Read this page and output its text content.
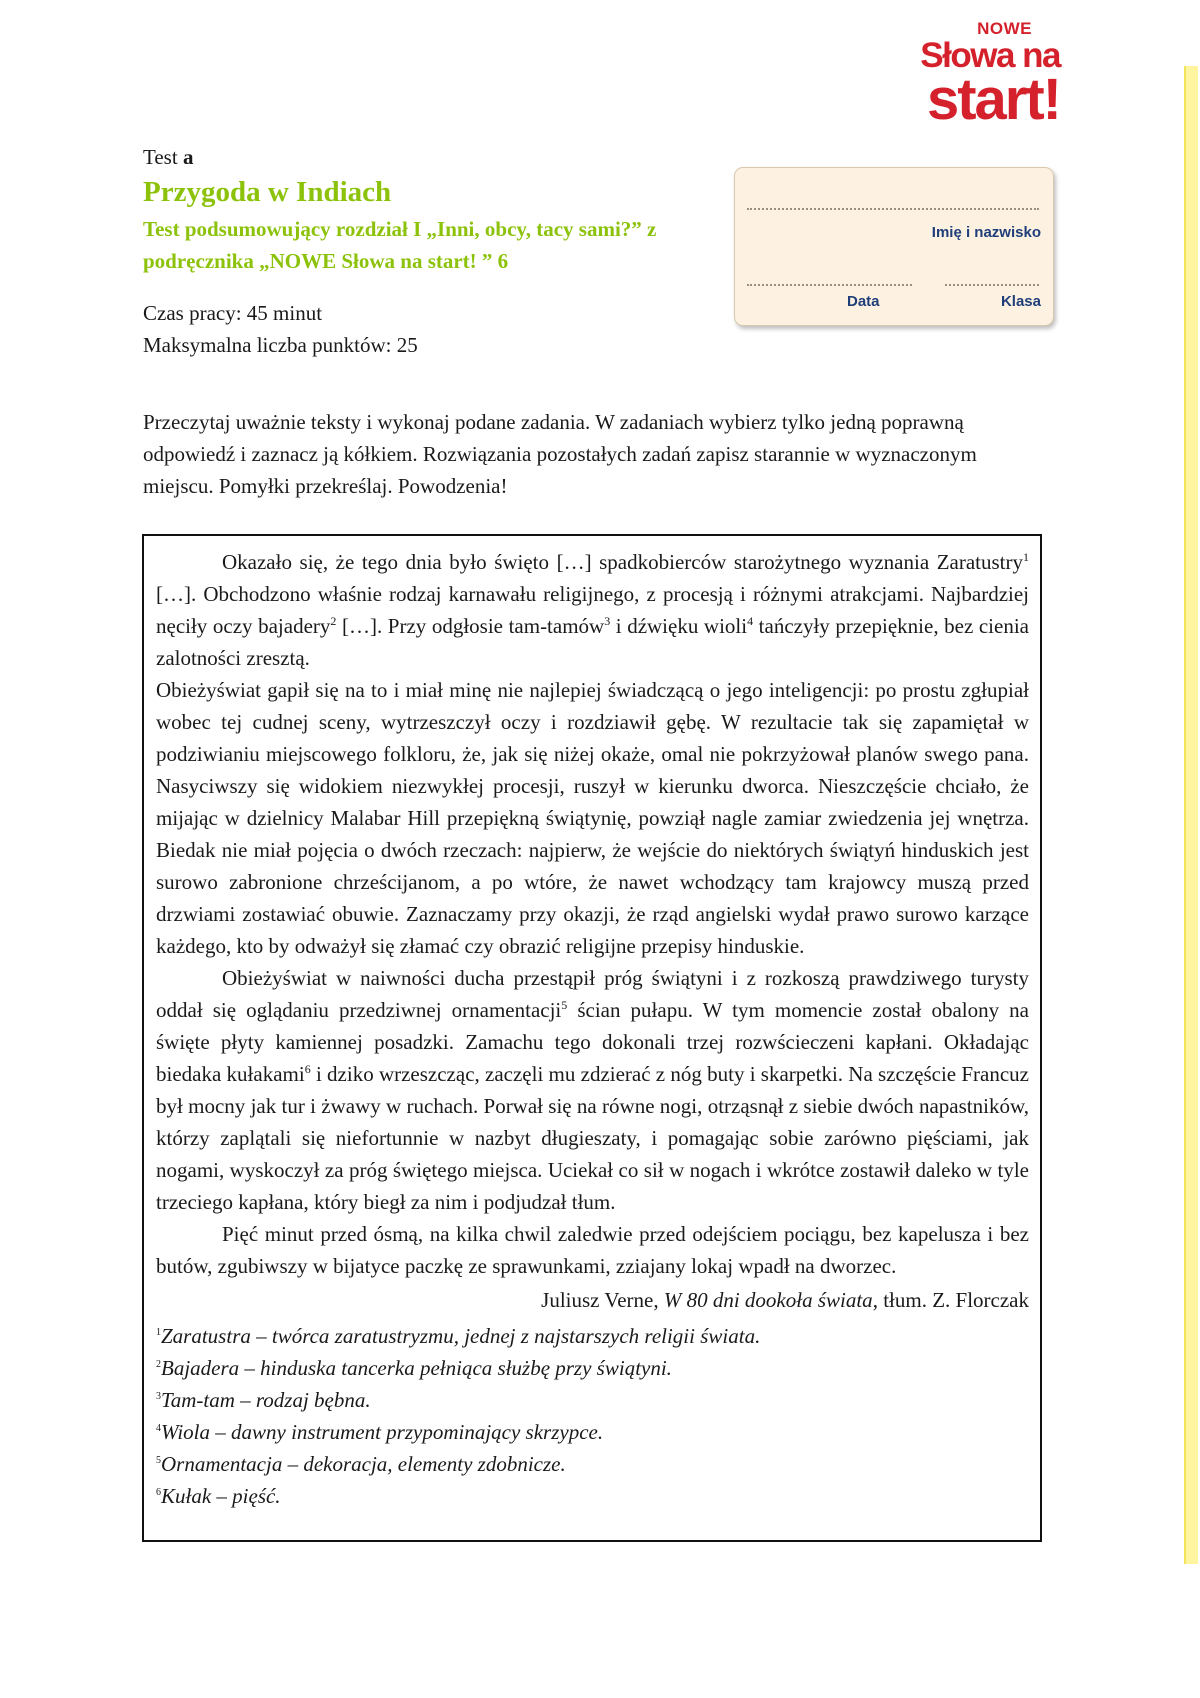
NOWE
Słowa na
start!
Test a
Przygoda w Indiach
Test podsumowujący rozdział I „Inni, obcy, tacy sami?” z podręcznika „NOWE Słowa na start! ” 6
Czas pracy: 45 minut
Maksymalna liczba punktów: 25
Imię i nazwisko
Data	Klasa
Przeczytaj uważnie teksty i wykonaj podane zadania. W zadaniach wybierz tylko jedną poprawną odpowiedź i zaznacz ją kółkiem. Rozwiązania pozostałych zadań zapisz starannie w wyznaczonym miejscu. Pomyłki przekreślaj. Powodzenia!

Okazało się, że tego dnia było święto […] spadkobierców starożytnego wyznania Zaratustry$^1$ […]. Obchodzono właśnie rodzaj karnawału religijnego, z procesją i różnymi atrakcjami. Najbardziej nęciły oczy bajadery$^2$ […]. Przy odgłosie tam-tamów$^3$ i dźwięku wioli$^4$ tańczyły przepięknie, bez cienia zalotności zresztą.

Obieżyświat gapił się na to i miał minę nie najlepiej świadczącą o jego inteligencji: po prostu zgłupiał wobec tej cudnej sceny, wytrzeszczył oczy i rozdziawił gębę. W rezultacie tak się zapamiętał w podziwianiu miejscowego folkloru, że, jak się niżej okaże, omal nie pokrzyżował planów swego pana. Nasyciwszy się widokiem niezwykłej procesji, ruszył w kierunku dworca. Nieszczęście chciało, że mijając w dzielnicy Malabar Hill przepiękną świątynię, powziął nagle zamiar zwiedzenia jej wnętrza. Biedak nie miał pojęcia o dwóch rzeczach: najpierw, że wejście do niektórych świątyń hinduskich jest surowo zabronione chrześcijanom, a po wtóre, że nawet wchodzący tam krajowcy muszą przed drzwiami zostawiać obuwie. Zaznaczamy przy okazji, że rząd angielski wydał prawo surowo karzące każdego, kto by odważył się złamać czy obrazić religijne przepisy hinduskie.

Obieżyświat w naiwności ducha przestąpił próg świątyni i z rozkoszą prawdziwego turysty oddał się oglądaniu przedziwnej ornamentacji$^5$ ścian pułapu. W tym momencie został obalony na święte płyty kamiennej posadzki. Zamachu tego dokonali trzej rozwścieczeni kapłani. Okładając biedaka kułakami$^6$ i dziko wrzeszcząc, zaczęli mu zdzierać z nóg buty i skarpetki. Na szczęście Francuz był mocny jak tur i żwawy w ruchach. Porwał się na równe nogi, otrząsnął z siebie dwóch napastników, którzy zaplątali się niefortunnie w nazbyt długieszaty, i pomagając sobie zarówno pięściami, jak nogami, wyskoczył za próg świętego miejsca. Uciekał co sił w nogach i wkrótce zostawił daleko w tyle trzeciego kapłana, który biegł za nim i podjudzał tłum.

Pięć minut przed ósmą, na kilka chwil zaledwie przed odejściem pociągu, bez kapelusza i bez butów, zgubiwszy w bijatyce paczkę ze sprawunkami, zziajany lokaj wpadł na dworzec.

Juliusz Verne, W 80 dni dookoła świata, tłum. Z. Florczak

$^1$Zaratustra – twórca zaratustryzmu, jednej z najstarszych religii świata.

$^2$Bajadera – hinduska tancerka pełniąca służbę przy świątyni.

$^3$Tam-tam – rodzaj bębna.

$^4$Wiola – dawny instrument przypominający skrzypce.

$^5$Ornamentacja – dekoracja, elementy zdobnicze.

$^6$Kułak – pięść.
